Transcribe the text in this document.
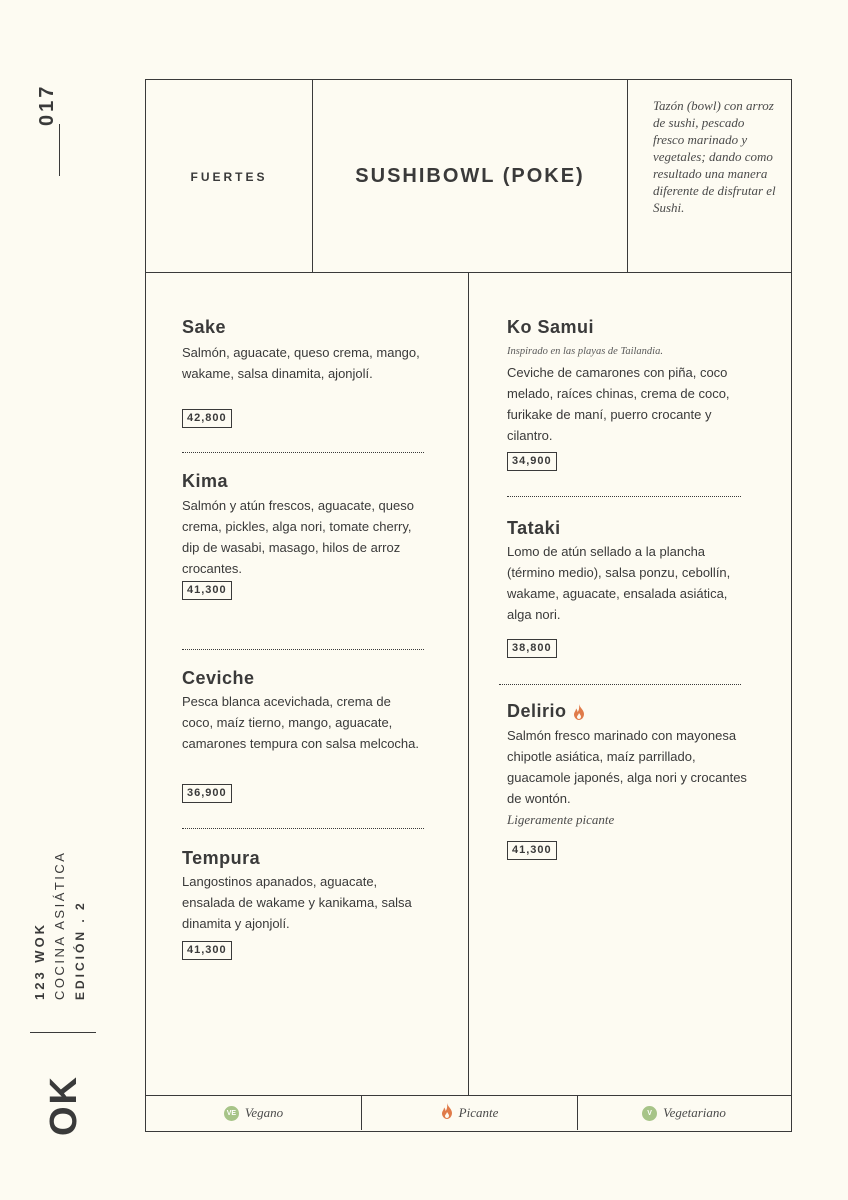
017
123 WOK COCINA ASIÁTICA EDICIÓN . 2
OK
FUERTES	SUSHIBOWL (POKE)
Tazón (bowl) con arroz de sushi, pescado fresco marinado y vegetales; dando como resultado una manera diferente de disfrutar el Sushi.
Sake
Salmón, aguacate, queso crema, mango, wakame, salsa dinamita, ajonjolí.
42,800
Kima
Salmón y atún frescos, aguacate, queso crema, pickles, alga nori, tomate cherry, dip de wasabi, masago, hilos de arroz crocantes.
41,300
Ceviche
Pesca blanca acevichada, crema de coco, maíz tierno, mango, aguacate, camarones tempura con salsa melcocha.
36,900
Tempura
Langostinos apanados, aguacate, ensalada de wakame y kanikama, salsa dinamita y ajonjolí.
41,300
Ko Samui
Inspirado en las playas de Tailandia.
Ceviche de camarones con piña, coco melado, raíces chinas, crema de coco, furikake de maní, puerro crocante y cilantro.
34,900
Tataki
Lomo de atún sellado a la plancha (término medio), salsa ponzu, cebollín, wakame, aguacate, ensalada asiática, alga nori.
38,800
Delirio
Salmón fresco marinado con mayonesa chipotle asiática, maíz parrillado, guacamole japonés, alga nori y crocantes de wontón.
Ligeramente picante
41,300
VE Vegano	Picante	V Vegetariano
